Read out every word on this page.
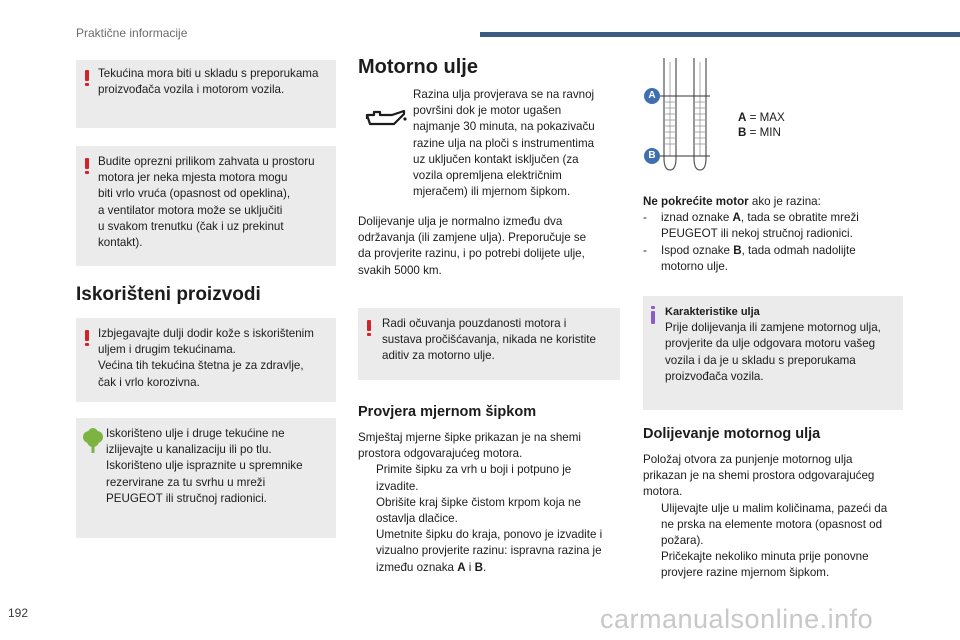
Praktične informacije

Tekućina mora biti u skladu s preporukama proizvođača vozila i motorom vozila.

Budite oprezni prilikom zahvata u prostoru
motora jer neka mjesta motora mogu
biti vrlo vruća (opasnost od opeklina),
a ventilator motora može se uključiti
u svakom trenutku (čak i uz prekinut
kontakt).
Iskorišteni proizvodi
Izbjegavajte dulji dodir kože s iskorištenim
uljem i drugim tekućinama.
Većina tih tekućina štetna je za zdravlje,
čak i vrlo korozivna.
Iskorišteno ulje i druge tekućine ne
izlijevajte u kanalizaciju ili po tlu.
Iskorišteno ulje ispraznite u spremnike
rezervirane za tu svrhu u mreži
PEUGEOT ili stručnoj radionici.
Motorno ulje
Razina ulja provjerava se na ravnoj
površini dok je motor ugašen
najmanje 30 minuta, na pokazivaču
razine ulja na ploči s instrumentima
uz uključen kontakt isključen (za
vozila opremljena električnim
mjeračem) ili mjernom šipkom.
Dolijevanje ulja je normalno između dva
održavanja (ili zamjene ulja). Preporučuje se
da provjerite razinu, i po potrebi dolijete ulje,
svakih 5000 km.
Radi očuvanja pouzdanosti motora i
sustava pročišćavanja, nikada ne koristite
aditiv za motorno ulje.
Provjera mjernom šipkom
Smještaj mjerne šipke prikazan je na shemi
prostora odgovarajućeg motora.
Primite šipku za vrh u boji i potpuno je
izvadite.
Obrišite kraj šipke čistom krpom koja ne
ostavlja dlačice.
Umetnite šipku do kraja, ponovo je izvadite i
vizualno provjerite razinu: ispravna razina je
između oznaka A i B.
A
B
A = MAX
B = MIN
Ne pokrećite motor ako je razina:
- iznad oznake A, tada se obratite mreži
PEUGEOT ili nekoj stručnoj radionici.
- Ispod oznake B, tada odmah nadolijte
motorno ulje.
Karakteristike ulja
Prije dolijevanja ili zamjene motornog ulja,
provjerite da ulje odgovara motoru vašeg
vozila i da je u skladu s preporukama
proizvođača vozila.
Dolijevanje motornog ulja
Položaj otvora za punjenje motornog ulja
prikazan je na shemi prostora odgovarajućeg
motora.
Ulijevajte ulje u malim količinama, pazeći da
ne prska na elemente motora (opasnost od
požara).
Pričekajte nekoliko minuta prije ponovne
provjere razine mjernom šipkom.
192	carmanualsonline.info
